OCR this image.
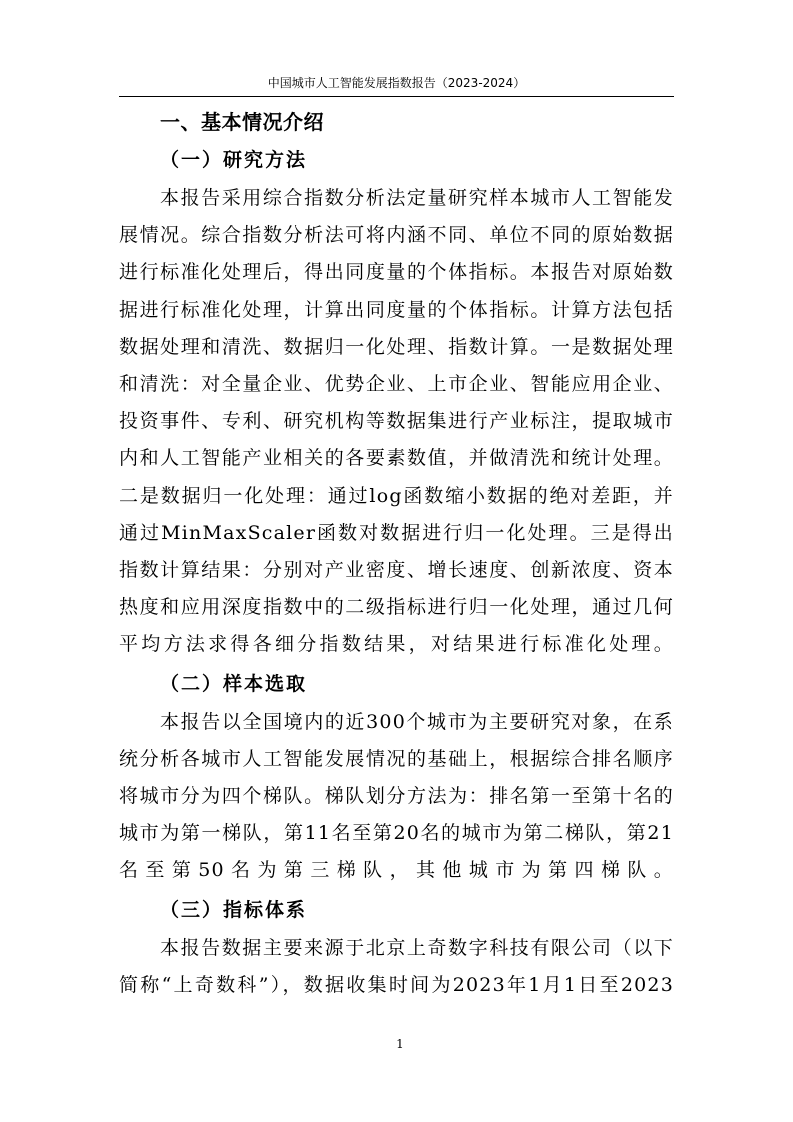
中国城市人工智能发展指数报告（2023-2024）
一、基本情况介绍
（一）研究方法

本报告采用综合指数分析法定量研究样本城市人工智能发展情况。综合指数分析法可将内涵不同、单位不同的原始数据进行标准化处理后，得出同度量的个体指标。本报告对原始数据进行标准化处理，计算出同度量的个体指标。计算方法包括数据处理和清洗、数据归一化处理、指数计算。一是数据处理和清洗：对全量企业、优势企业、上市企业、智能应用企业、投资事件、专利、研究机构等数据集进行产业标注，提取城市内和人工智能产业相关的各要素数值，并做清洗和统计处理。二是数据归一化处理：通过log函数缩小数据的绝对差距，并通过MinMaxScaler函数对数据进行归一化处理。三是得出指数计算结果：分别对产业密度、增长速度、创新浓度、资本热度和应用深度指数中的二级指标进行归一化处理，通过几何平均方法求得各细分指数结果，对结果进行标准化处理。

（二）样本选取

本报告以全国境内的近300个城市为主要研究对象，在系统分析各城市人工智能发展情况的基础上，根据综合排名顺序将城市分为四个梯队。梯队划分方法为：排名第一至第十名的城市为第一梯队，第11名至第20名的城市为第二梯队，第21名至第50名为第三梯队，其他城市为第四梯队。

（三）指标体系

本报告数据主要来源于北京上奇数字科技有限公司（以下简称“上奇数科”），数据收集时间为2023年1月1日至2023

1
